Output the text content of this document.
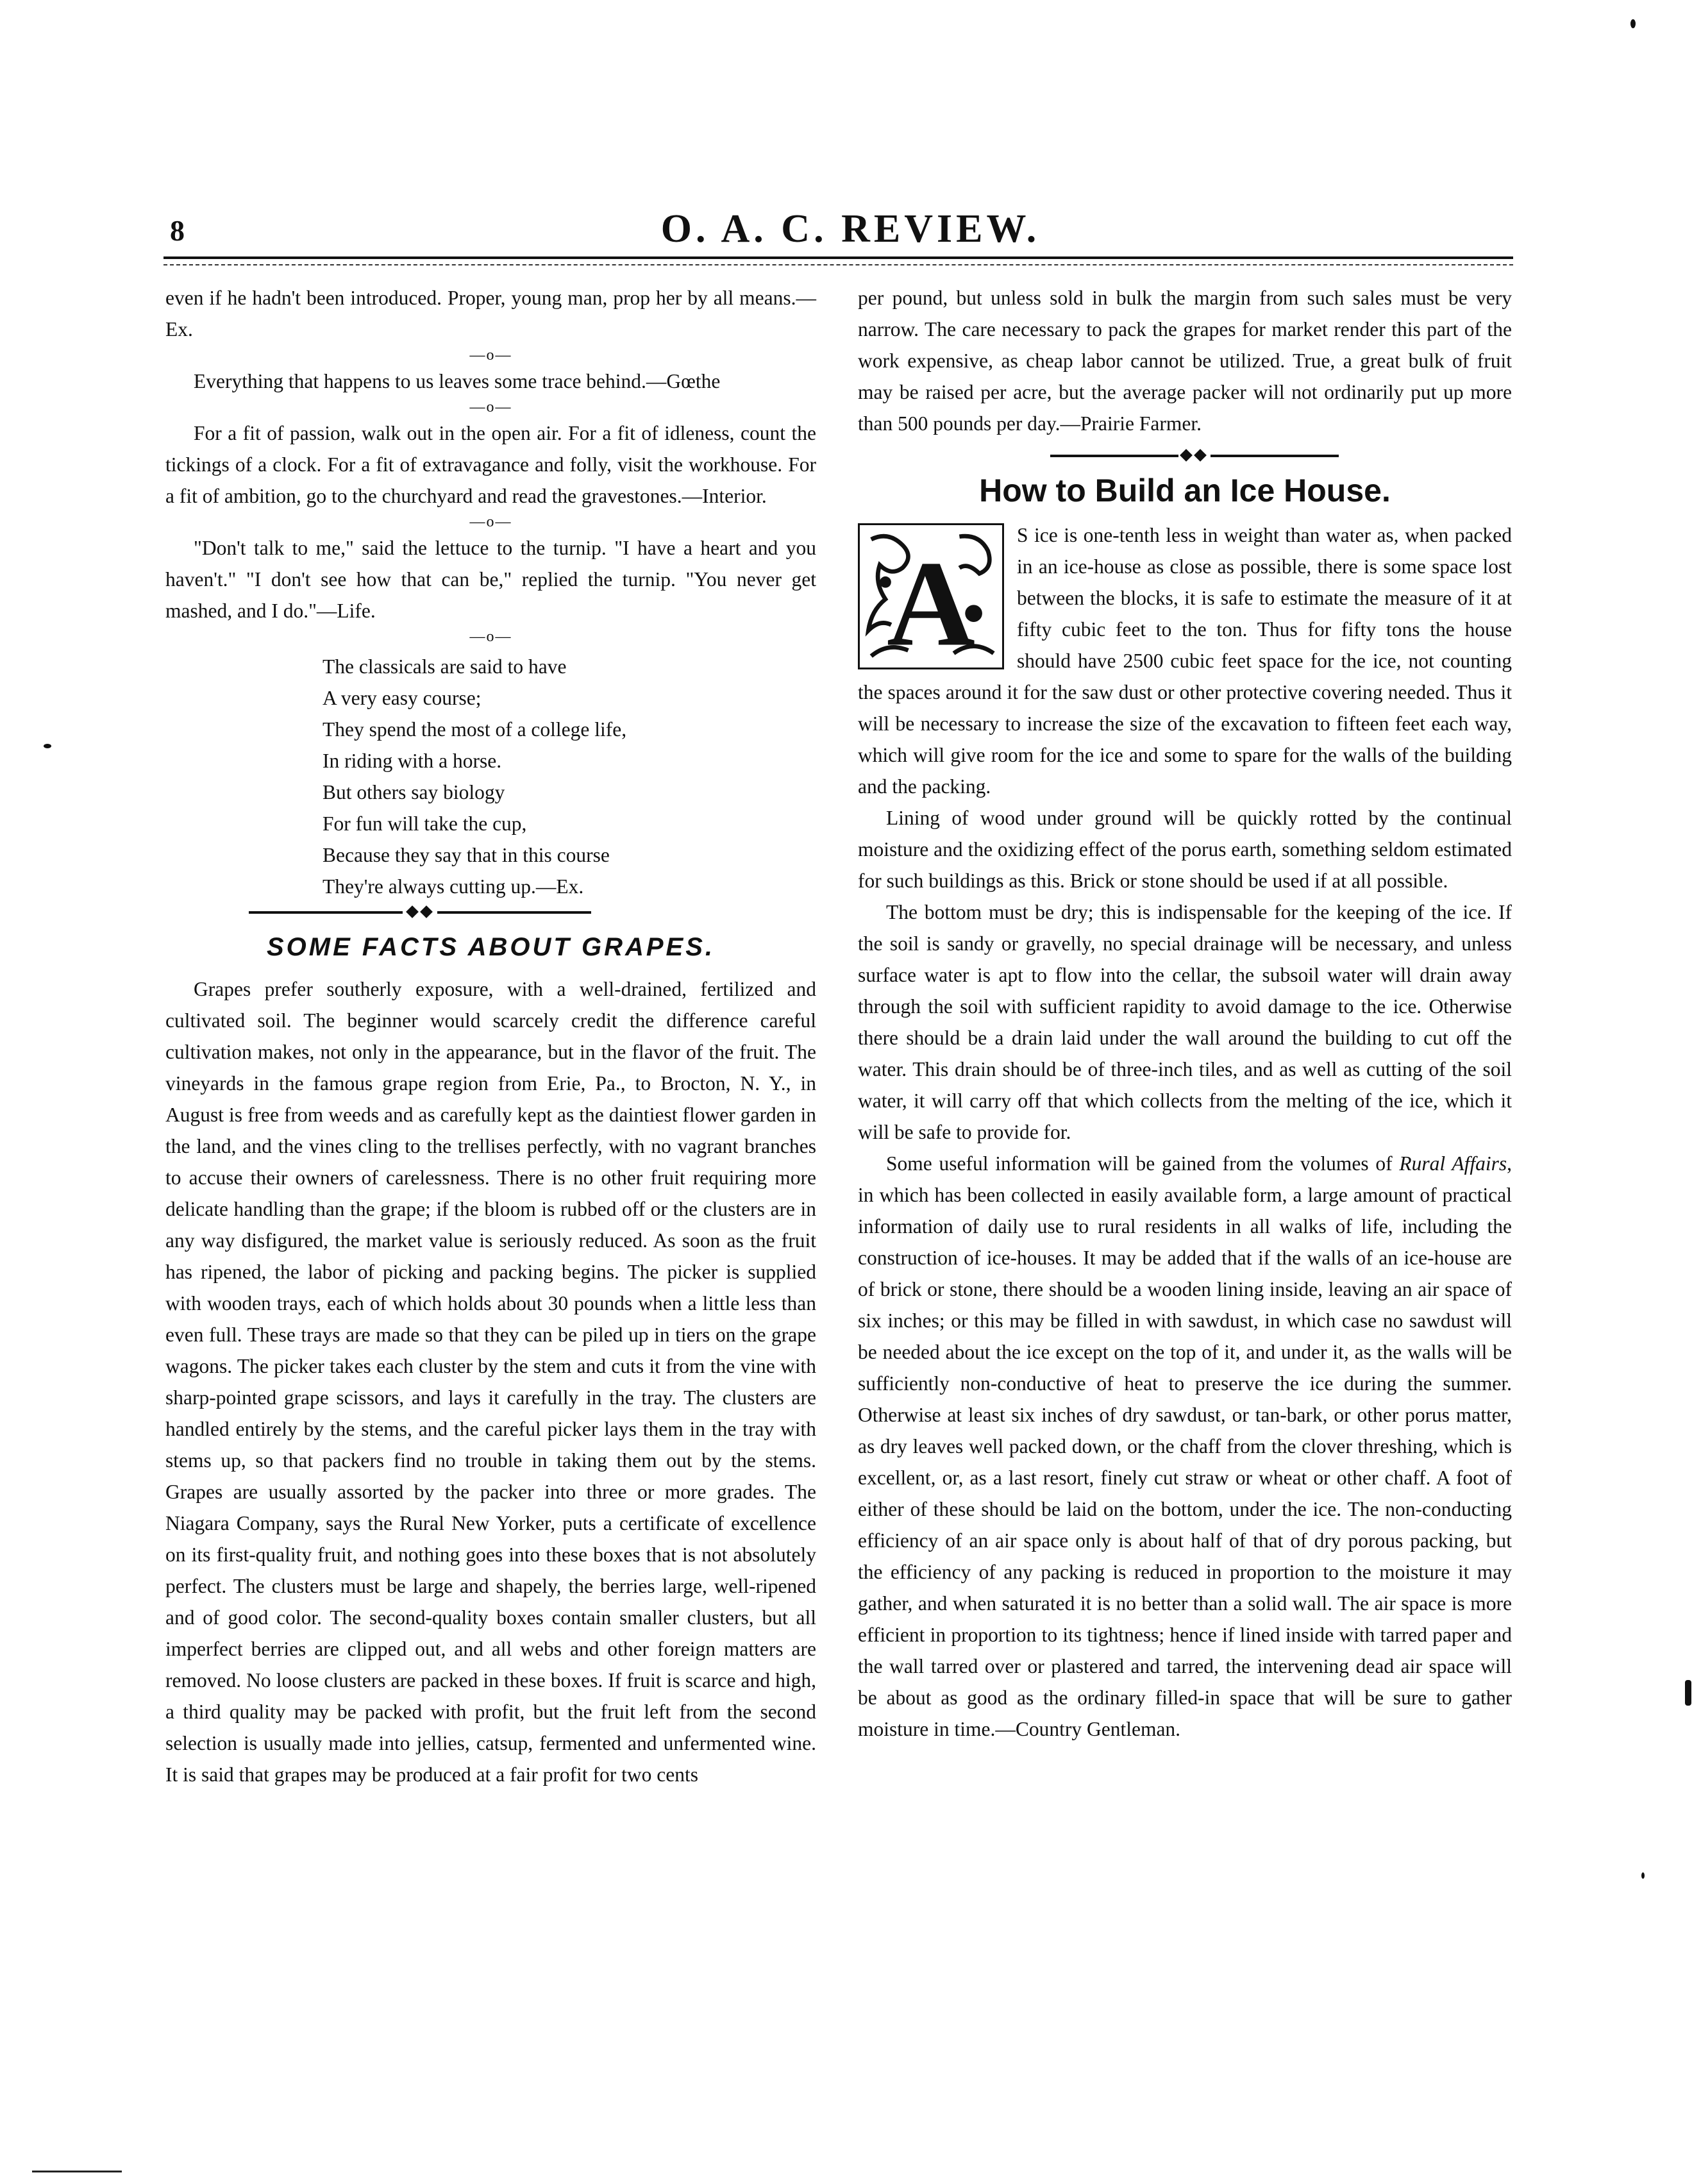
8	O. A. C. REVIEW.

even if he hadn't been introduced. Proper, young man, prop her by all means.—Ex.

—o—

Everything that happens to us leaves some trace behind.—Gœthe

—o—

For a fit of passion, walk out in the open air. For a fit of idleness, count the tickings of a clock. For a fit of extravagance and folly, visit the workhouse. For a fit of ambition, go to the churchyard and read the gravestones.—Interior.

—o—

"Don't talk to me," said the lettuce to the turnip. "I have a heart and you haven't." "I don't see how that can be," replied the turnip. "You never get mashed, and I do."—Life.

—o—
The classicals are said to have
A very easy course;
They spend the most of a college life,
In riding with a horse.
But others say biology
For fun will take the cup,
Because they say that in this course
They're always cutting up.—Ex.
SOME FACTS ABOUT GRAPES.

Grapes prefer southerly exposure, with a well-drained, fertilized and cultivated soil. The beginner would scarcely credit the difference careful cultivation makes, not only in the appearance, but in the flavor of the fruit. The vineyards in the famous grape region from Erie, Pa., to Brocton, N. Y., in August is free from weeds and as carefully kept as the daintiest flower garden in the land, and the vines cling to the trellises perfectly, with no vagrant branches to accuse their owners of carelessness. There is no other fruit requiring more delicate handling than the grape; if the bloom is rubbed off or the clusters are in any way disfigured, the market value is seriously reduced. As soon as the fruit has ripened, the labor of picking and packing begins. The picker is supplied with wooden trays, each of which holds about 30 pounds when a little less than even full. These trays are made so that they can be piled up in tiers on the grape wagons. The picker takes each cluster by the stem and cuts it from the vine with sharp-pointed grape scissors, and lays it carefully in the tray. The clusters are handled entirely by the stems, and the careful picker lays them in the tray with stems up, so that packers find no trouble in taking them out by the stems. Grapes are usually assorted by the packer into three or more grades. The Niagara Company, says the Rural New Yorker, puts a certificate of excellence on its first-quality fruit, and nothing goes into these boxes that is not absolutely perfect. The clusters must be large and shapely, the berries large, well-ripened and of good color. The second-quality boxes contain smaller clusters, but all imperfect berries are clipped out, and all webs and other foreign matters are removed. No loose clusters are packed in these boxes. If fruit is scarce and high, a third quality may be packed with profit, but the fruit left from the second selection is usually made into jellies, catsup, fermented and unfermented wine. It is said that grapes may be produced at a fair profit for two cents

per pound, but unless sold in bulk the margin from such sales must be very narrow. The care necessary to pack the grapes for market render this part of the work expensive, as cheap labor cannot be utilized. True, a great bulk of fruit may be raised per acre, but the average packer will not ordinarily put up more than 500 pounds per day.—Prairie Farmer.

How to Build an Ice House.
A

S ice is one-tenth less in weight than water as, when packed in an ice-house as close as possible, there is some space lost between the blocks, it is safe to estimate the measure of it at fifty cubic feet to the ton. Thus for fifty tons the house should have 2500 cubic feet space for the ice, not counting the spaces around it for the saw dust or other protective covering needed. Thus it will be necessary to increase the size of the excavation to fifteen feet each way, which will give room for the ice and some to spare for the walls of the building and the packing.

Lining of wood under ground will be quickly rotted by the continual moisture and the oxidizing effect of the porus earth, something seldom estimated for such buildings as this. Brick or stone should be used if at all possible.

The bottom must be dry; this is indispensable for the keeping of the ice. If the soil is sandy or gravelly, no special drainage will be necessary, and unless surface water is apt to flow into the cellar, the subsoil water will drain away through the soil with sufficient rapidity to avoid damage to the ice. Otherwise there should be a drain laid under the wall around the building to cut off the water. This drain should be of three-inch tiles, and as well as cutting of the soil water, it will carry off that which collects from the melting of the ice, which it will be safe to provide for.

Some useful information will be gained from the volumes of Rural Affairs, in which has been collected in easily available form, a large amount of practical information of daily use to rural residents in all walks of life, including the construction of ice-houses. It may be added that if the walls of an ice-house are of brick or stone, there should be a wooden lining inside, leaving an air space of six inches; or this may be filled in with sawdust, in which case no sawdust will be needed about the ice except on the top of it, and under it, as the walls will be sufficiently non-conductive of heat to preserve the ice during the summer. Otherwise at least six inches of dry sawdust, or tan-bark, or other porus matter, as dry leaves well packed down, or the chaff from the clover threshing, which is excellent, or, as a last resort, finely cut straw or wheat or other chaff. A foot of either of these should be laid on the bottom, under the ice. The non-conducting efficiency of an air space only is about half of that of dry porous packing, but the efficiency of any packing is reduced in proportion to the moisture it may gather, and when saturated it is no better than a solid wall. The air space is more efficient in proportion to its tightness; hence if lined inside with tarred paper and the wall tarred over or plastered and tarred, the intervening dead air space will be about as good as the ordinary filled-in space that will be sure to gather moisture in time.—Country Gentleman.
